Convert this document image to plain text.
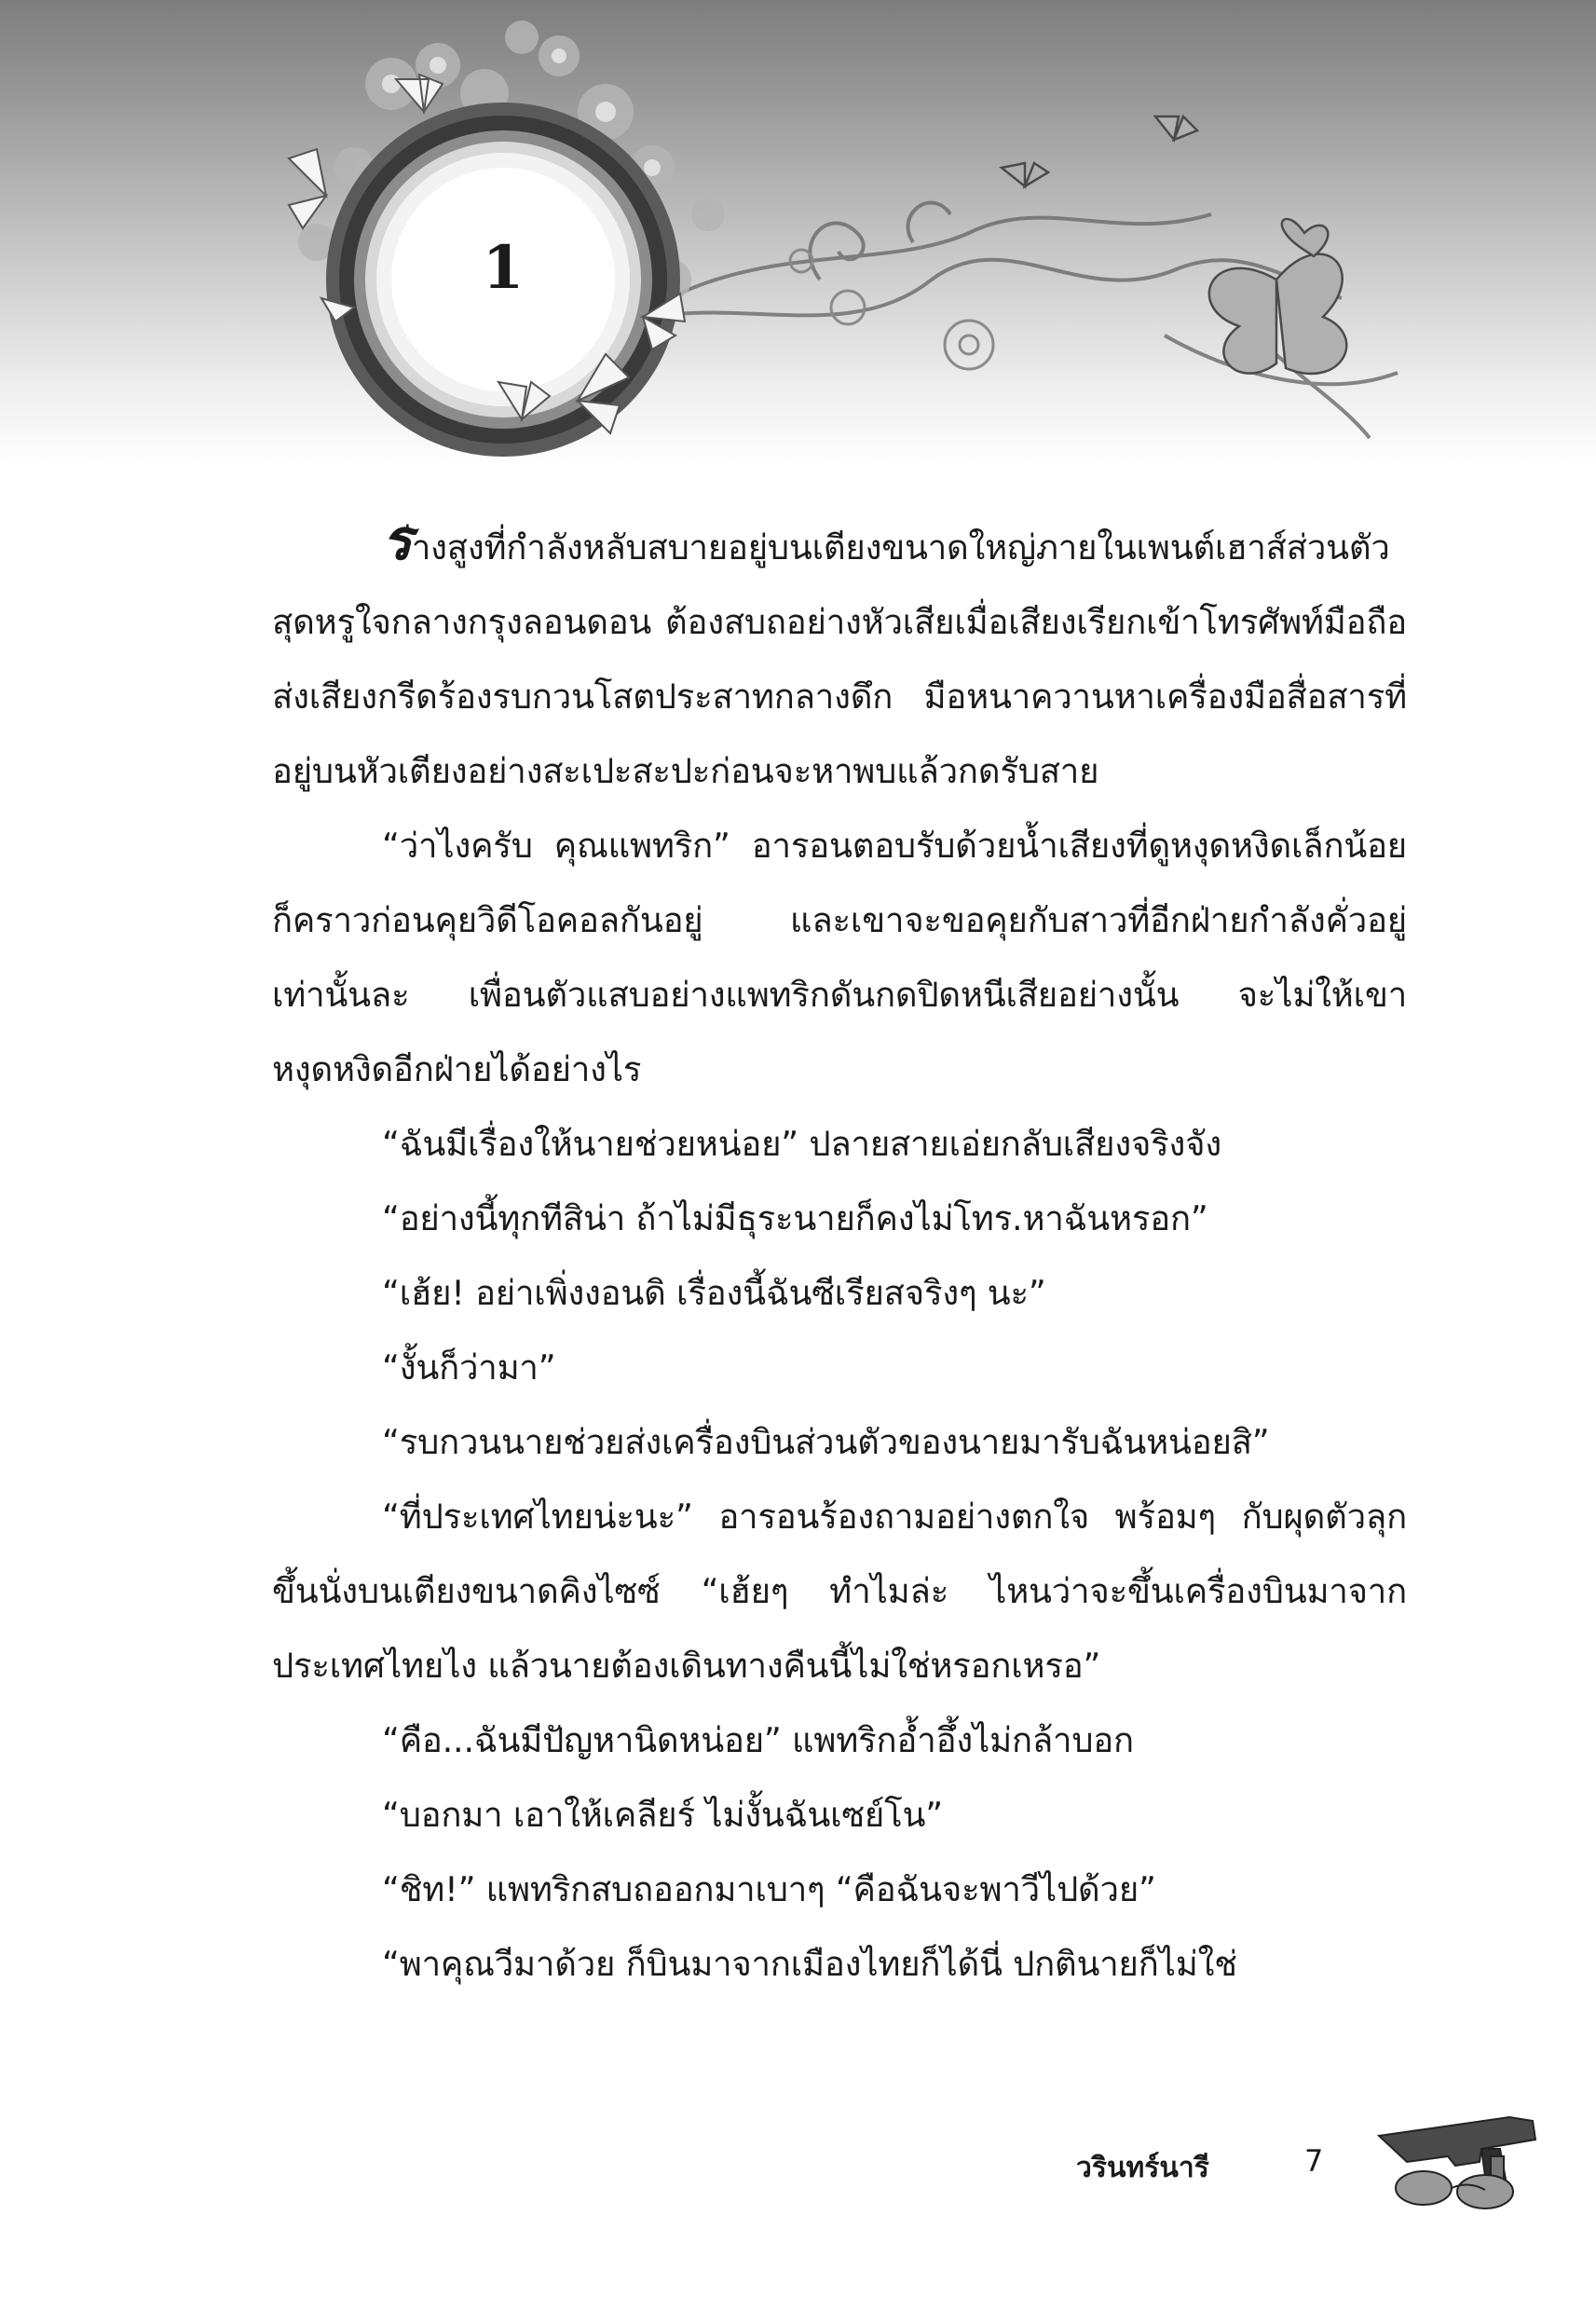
1

ร่างสูงที่กำลังหลับสบายอยู่บนเตียงขนาดใหญ่ภายในเพนต์เฮาส์ส่วนตัวสุดหรูใจกลางกรุงลอนดอน ต้องสบถอย่างหัวเสียเมื่อเสียงเรียกเข้าโทรศัพท์มือถือส่งเสียงกรีดร้องรบกวนโสตประสาทกลางดึก มือหนาควานหาเครื่องมือสื่อสารที่อยู่บนหัวเตียงอย่างสะเปะสะปะก่อนจะหาพบแล้วกดรับสาย

“ว่าไงครับ คุณแพทริก” อารอนตอบรับด้วยน้ำเสียงที่ดูหงุดหงิดเล็กน้อย ก็คราวก่อนคุยวิดีโอคอลกันอยู่ และเขาจะขอคุยกับสาวที่อีกฝ่ายกำลังคั่วอยู่เท่านั้นละ เพื่อนตัวแสบอย่างแพทริกดันกดปิดหนีเสียอย่างนั้น จะไม่ให้เขาหงุดหงิดอีกฝ่ายได้อย่างไร

“ฉันมีเรื่องให้นายช่วยหน่อย” ปลายสายเอ่ยกลับเสียงจริงจัง

“อย่างนี้ทุกทีสิน่า ถ้าไม่มีธุระนายก็คงไม่โทร.หาฉันหรอก”

“เฮ้ย! อย่าเพิ่งงอนดิ เรื่องนี้ฉันซีเรียสจริงๆ นะ”

“งั้นก็ว่ามา”

“รบกวนนายช่วยส่งเครื่องบินส่วนตัวของนายมารับฉันหน่อยสิ”

“ที่ประเทศไทยน่ะนะ” อารอนร้องถามอย่างตกใจ พร้อมๆ กับผุดตัวลุกขึ้นนั่งบนเตียงขนาดคิงไซซ์ “เฮ้ยๆ ทำไมล่ะ ไหนว่าจะขึ้นเครื่องบินมาจากประเทศไทยไง แล้วนายต้องเดินทางคืนนี้ไม่ใช่หรอกเหรอ”

“คือ...ฉันมีปัญหานิดหน่อย” แพทริกอ้ำอึ้งไม่กล้าบอก

“บอกมา เอาให้เคลียร์ ไม่งั้นฉันเซย์โน”

“ชิท!” แพทริกสบถออกมาเบาๆ “คือฉันจะพาวีไปด้วย”

“พาคุณวีมาด้วย ก็บินมาจากเมืองไทยก็ได้นี่ ปกตินายก็ไม่ใช่

วรินทร์นารี	7
